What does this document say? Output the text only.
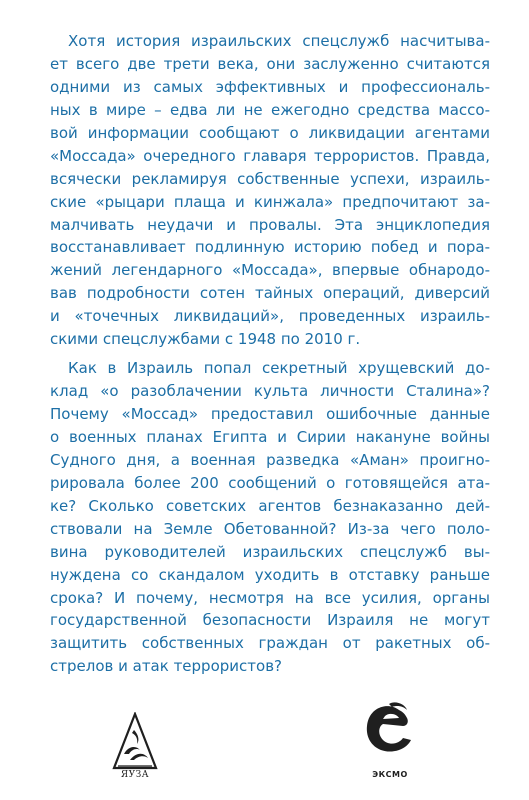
Хотя история израильских спецслужб насчитыва-
ет всего две трети века, они заслуженно считаются
одними из самых эффективных и профессиональ-
ных в мире – едва ли не ежегодно средства массо-
вой информации сообщают о ликвидации агентами
«Моссада» очередного главаря террористов. Правда,
всячески рекламируя собственные успехи, израиль-
ские «рыцари плаща и кинжала» предпочитают за-
малчивать неудачи и провалы. Эта энциклопедия
восстанавливает подлинную историю побед и пора-
жений легендарного «Моссада», впервые обнародо-
вав подробности сотен тайных операций, диверсий
и «точечных ликвидаций», проведенных израиль-
скими спецслужбами с 1948 по 2010 г.
Как в Израиль попал секретный хрущевский до-
клад «о разоблачении культа личности Сталина»?
Почему «Моссад» предоставил ошибочные данные
о военных планах Египта и Сирии накануне войны
Судного дня, а военная разведка «Аман» проигно-
рировала более 200 сообщений о готовящейся ата-
ке? Сколько советских агентов безнаказанно дей-
ствовали на Земле Обетованной? Из-за чего поло-
вина руководителей израильских спецслужб вы-
нуждена со скандалом уходить в отставку раньше
срока? И почему, несмотря на все усилия, органы
государственной безопасности Израиля не могут
защитить собственных граждан от ракетных об-
стрелов и атак террористов?
ЯУЗА	ЭКСМО
